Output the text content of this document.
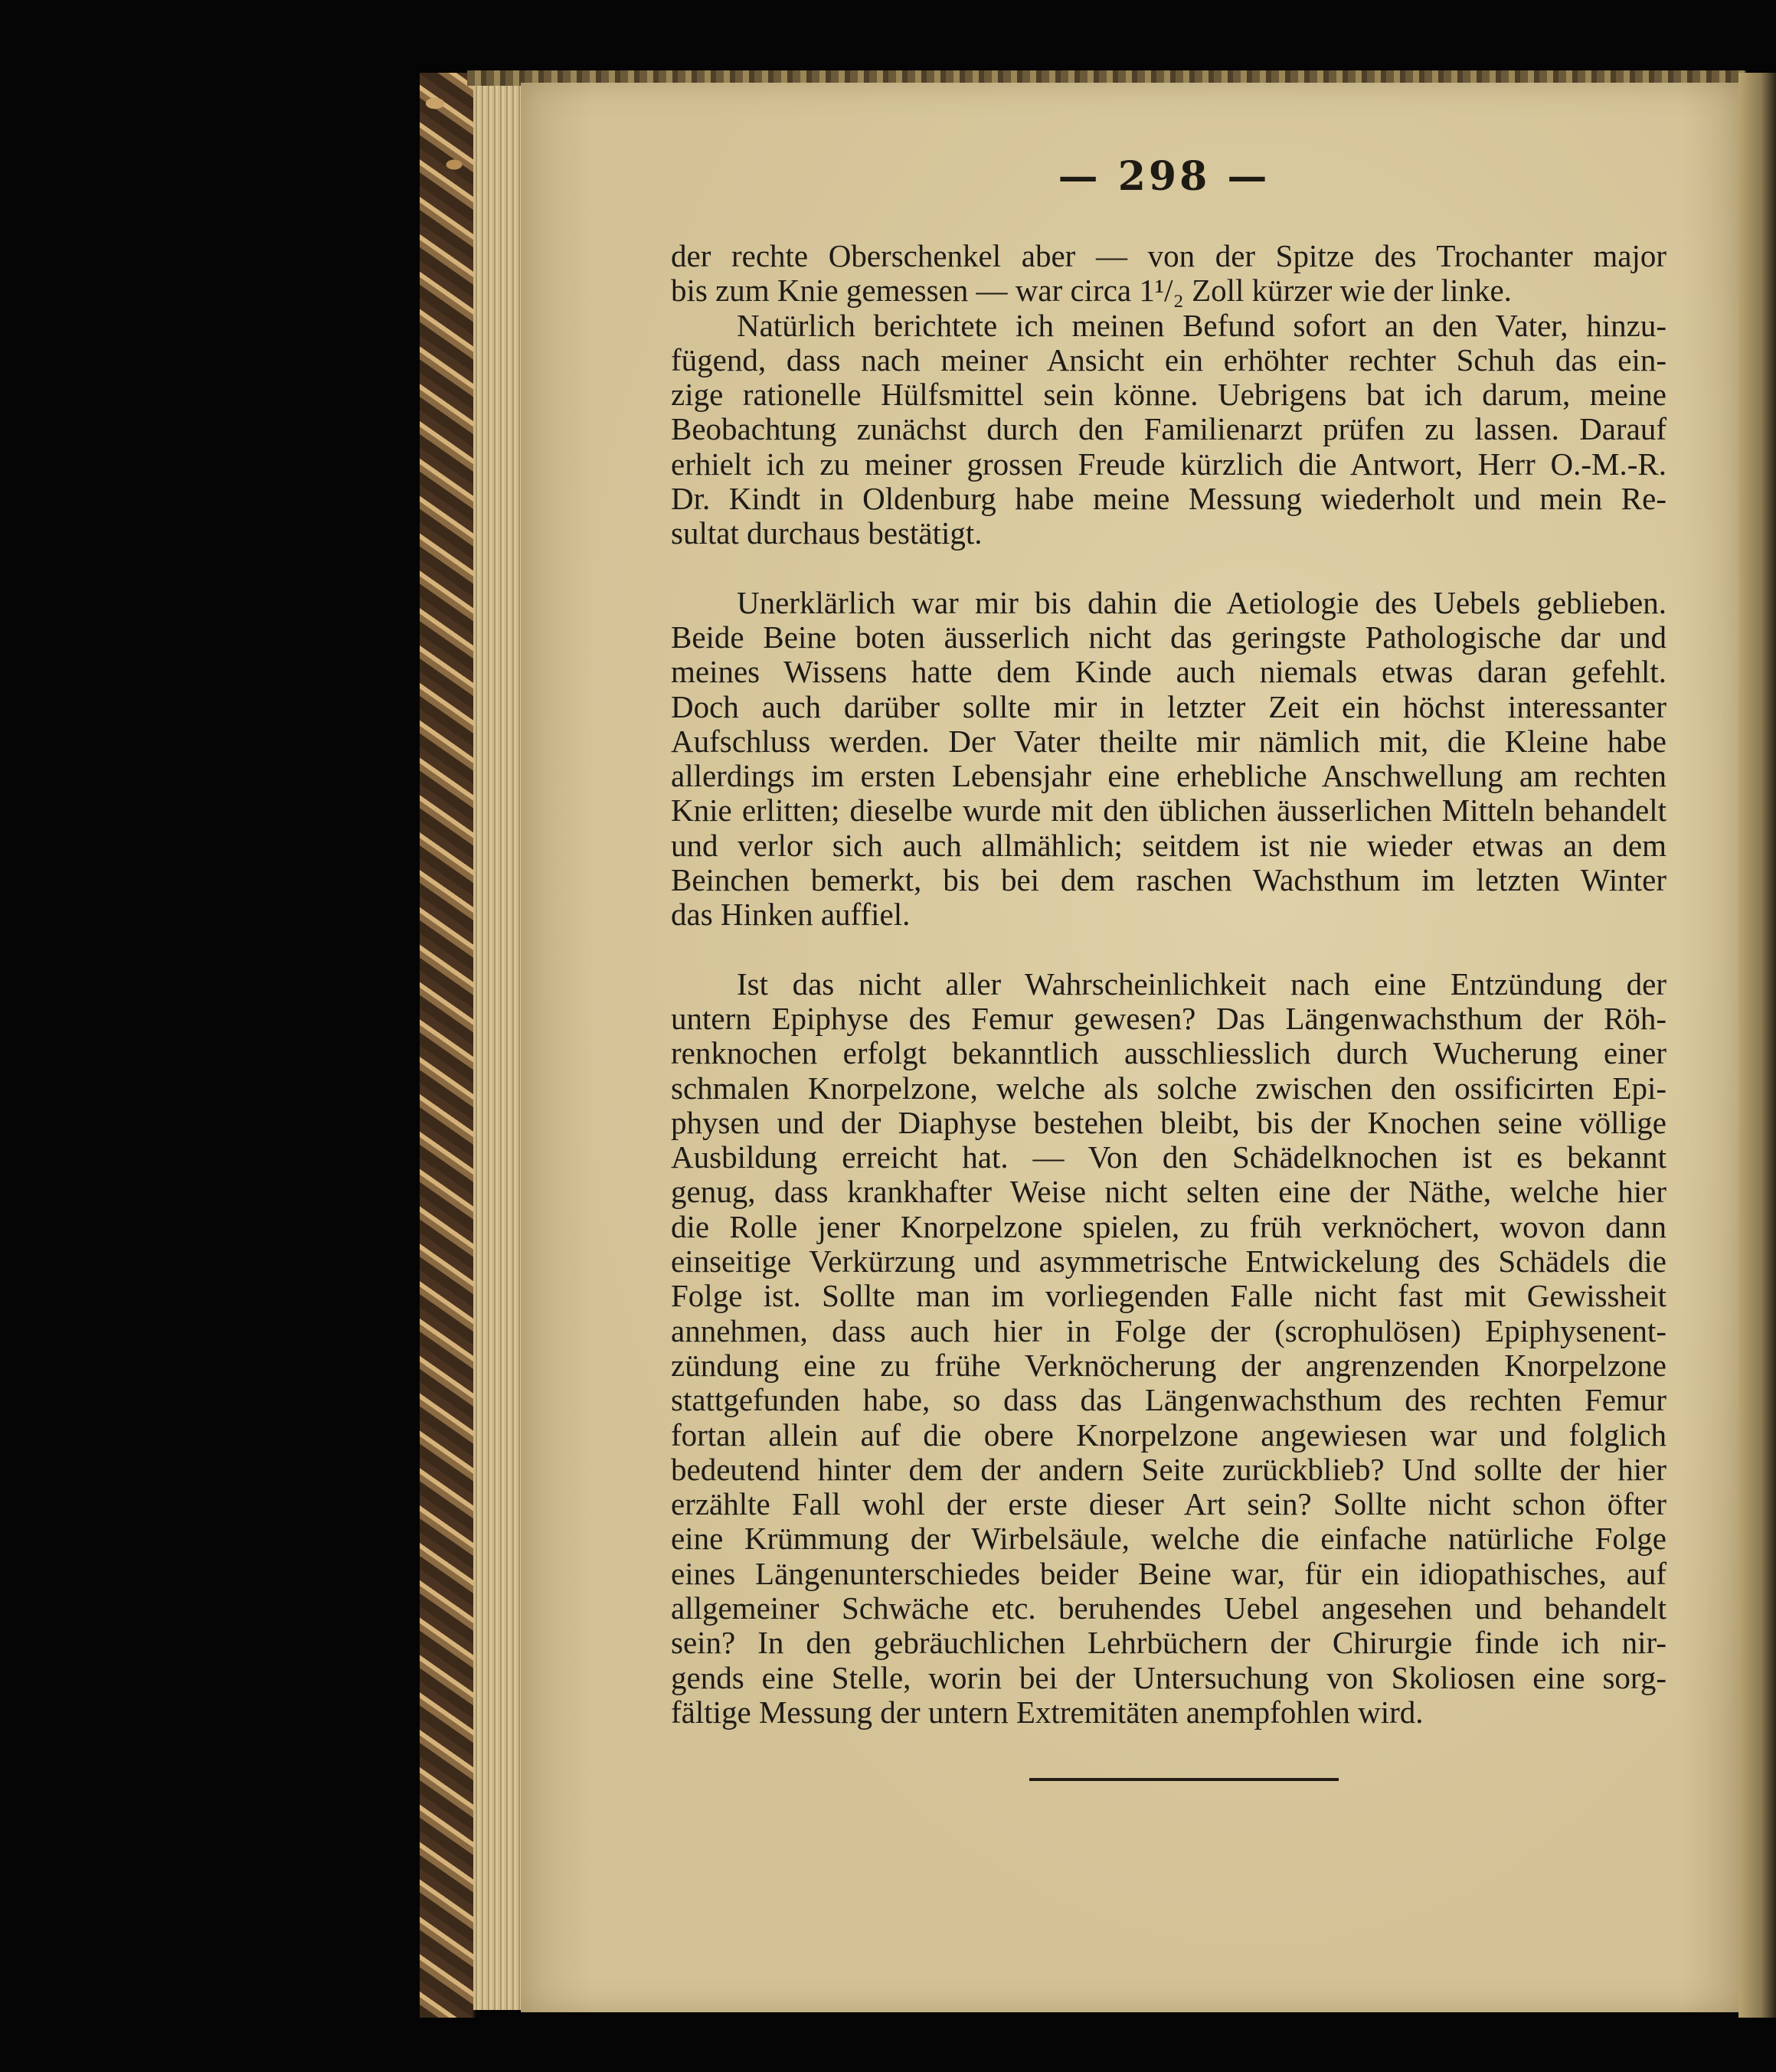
— 298 —
der rechte Oberschenkel aber — von der Spitze des Trochanter major
bis zum Knie gemessen — war circa 1¹/₂ Zoll kürzer wie der linke.
Natürlich berichtete ich meinen Befund sofort an den Vater, hinzu-
fügend, dass nach meiner Ansicht ein erhöhter rechter Schuh das ein-
zige rationelle Hülfsmittel sein könne. Uebrigens bat ich darum, meine
Beobachtung zunächst durch den Familienarzt prüfen zu lassen. Darauf
erhielt ich zu meiner grossen Freude kürzlich die Antwort, Herr O.-M.-R.
Dr. Kindt in Oldenburg habe meine Messung wiederholt und mein Re-
sultat durchaus bestätigt.
Unerklärlich war mir bis dahin die Aetiologie des Uebels geblieben.
Beide Beine boten äusserlich nicht das geringste Pathologische dar und
meines Wissens hatte dem Kinde auch niemals etwas daran gefehlt.
Doch auch darüber sollte mir in letzter Zeit ein höchst interessanter
Aufschluss werden. Der Vater theilte mir nämlich mit, die Kleine habe
allerdings im ersten Lebensjahr eine erhebliche Anschwellung am rechten
Knie erlitten; dieselbe wurde mit den üblichen äusserlichen Mitteln behandelt
und verlor sich auch allmählich; seitdem ist nie wieder etwas an dem
Beinchen bemerkt, bis bei dem raschen Wachsthum im letzten Winter
das Hinken auffiel.
Ist das nicht aller Wahrscheinlichkeit nach eine Entzündung der
untern Epiphyse des Femur gewesen? Das Längenwachsthum der Röh-
renknochen erfolgt bekanntlich ausschliesslich durch Wucherung einer
schmalen Knorpelzone, welche als solche zwischen den ossificirten Epi-
physen und der Diaphyse bestehen bleibt, bis der Knochen seine völlige
Ausbildung erreicht hat. — Von den Schädelknochen ist es bekannt
genug, dass krankhafter Weise nicht selten eine der Näthe, welche hier
die Rolle jener Knorpelzone spielen, zu früh verknöchert, wovon dann
einseitige Verkürzung und asymmetrische Entwickelung des Schädels die
Folge ist. Sollte man im vorliegenden Falle nicht fast mit Gewissheit
annehmen, dass auch hier in Folge der (scrophulösen) Epiphysenent-
zündung eine zu frühe Verknöcherung der angrenzenden Knorpelzone
stattgefunden habe, so dass das Längenwachsthum des rechten Femur
fortan allein auf die obere Knorpelzone angewiesen war und folglich
bedeutend hinter dem der andern Seite zurückblieb? Und sollte der hier
erzählte Fall wohl der erste dieser Art sein? Sollte nicht schon öfter
eine Krümmung der Wirbelsäule, welche die einfache natürliche Folge
eines Längenunterschiedes beider Beine war, für ein idiopathisches, auf
allgemeiner Schwäche etc. beruhendes Uebel angesehen und behandelt
sein? In den gebräuchlichen Lehrbüchern der Chirurgie finde ich nir-
gends eine Stelle, worin bei der Untersuchung von Skoliosen eine sorg-
fältige Messung der untern Extremitäten anempfohlen wird.
